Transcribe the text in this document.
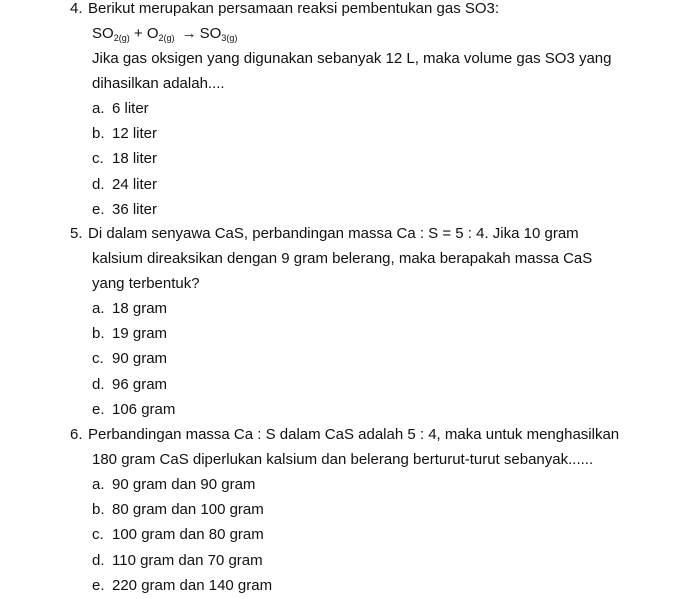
4. Berikut merupakan persamaan reaksi pembentukan gas SO3:
$SO_{2(g)} + O_{2(g)} \to SO_{3(g)}$
Jika gas oksigen yang digunakan sebanyak 12 L, maka volume gas SO3 yang
dihasilkan adalah....
a. 6 liter
b. 12 liter
c. 18 liter
d. 24 liter
e. 36 liter
5. Di dalam senyawa CaS, perbandingan massa Ca : S = 5 : 4. Jika 10 gram
kalsium direaksikan dengan 9 gram belerang, maka berapakah massa CaS
yang terbentuk?
a. 18 gram
b. 19 gram
c. 90 gram
d. 96 gram
e. 106 gram
6. Perbandingan massa Ca : S dalam CaS adalah 5 : 4, maka untuk menghasilkan
180 gram CaS diperlukan kalsium dan belerang berturut-turut sebanyak......
a. 90 gram dan 90 gram
b. 80 gram dan 100 gram
c. 100 gram dan 80 gram
d. 110 gram dan 70 gram
e. 220 gram dan 140 gram
